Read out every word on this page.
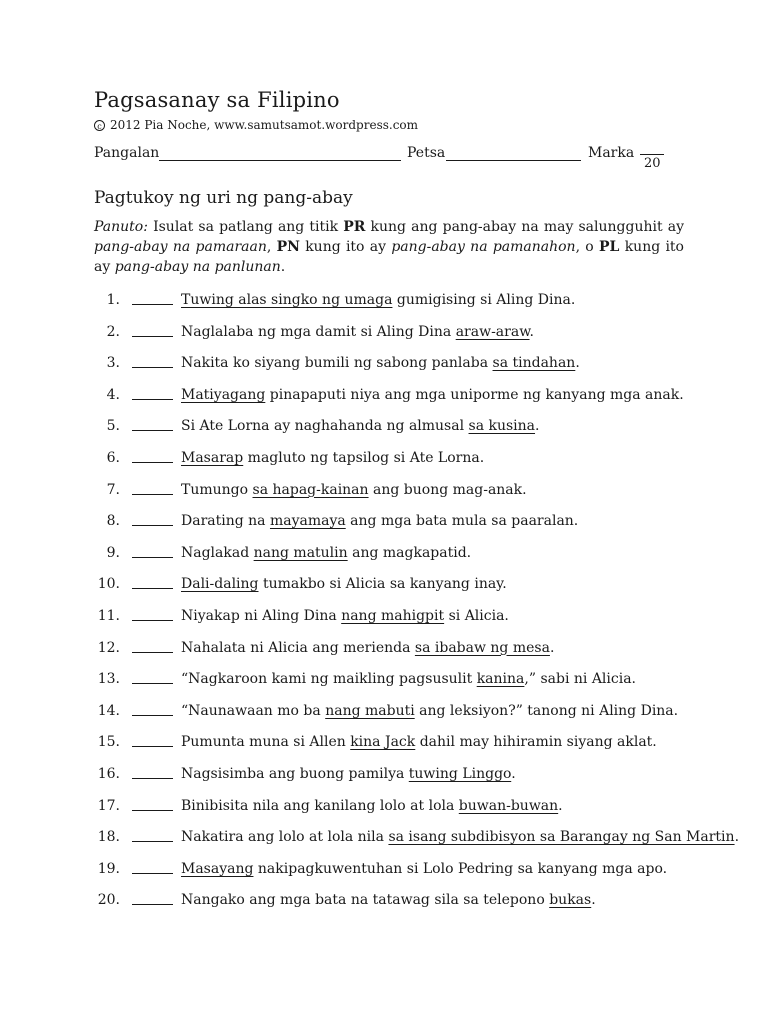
Pagsasanay sa Filipino
c 2012 Pia Noche, www.samutsamot.wordpress.com
Pangalan	Petsa	Marka
20
Pagtukoy ng uri ng pang-abay

Panuto: Isulat sa patlang ang titik PR kung ang pang-abay na may salungguhit ay pang-abay na pamaraan, PN kung ito ay pang-abay na pamanahon, o PL kung ito ay pang-abay na panlunan.

1.	Tuwing alas singko ng umaga gumigising si Aling Dina.
2.	Naglalaba ng mga damit si Aling Dina araw-araw.
3.	Nakita ko siyang bumili ng sabong panlaba sa tindahan.
4.	Matiyagang pinapaputi niya ang mga uniporme ng kanyang mga anak.
5.	Si Ate Lorna ay naghahanda ng almusal sa kusina.
6.	Masarap magluto ng tapsilog si Ate Lorna.
7.	Tumungo sa hapag-kainan ang buong mag-anak.
8.	Darating na mayamaya ang mga bata mula sa paaralan.
9.	Naglakad nang matulin ang magkapatid.
10.	Dali-daling tumakbo si Alicia sa kanyang inay.
11.	Niyakap ni Aling Dina nang mahigpit si Alicia.
12.	Nahalata ni Alicia ang merienda sa ibabaw ng mesa.
13.	“Nagkaroon kami ng maikling pagsusulit kanina,” sabi ni Alicia.
14.	“Naunawaan mo ba nang mabuti ang leksiyon?” tanong ni Aling Dina.
15.	Pumunta muna si Allen kina Jack dahil may hihiramin siyang aklat.
16.	Nagsisimba ang buong pamilya tuwing Linggo.
17.	Binibisita nila ang kanilang lolo at lola buwan-buwan.
18.	Nakatira ang lolo at lola nila sa isang subdibisyon sa Barangay ng San Martin.
19.	Masayang nakipagkuwentuhan si Lolo Pedring sa kanyang mga apo.
20.	Nangako ang mga bata na tatawag sila sa telepono bukas.
